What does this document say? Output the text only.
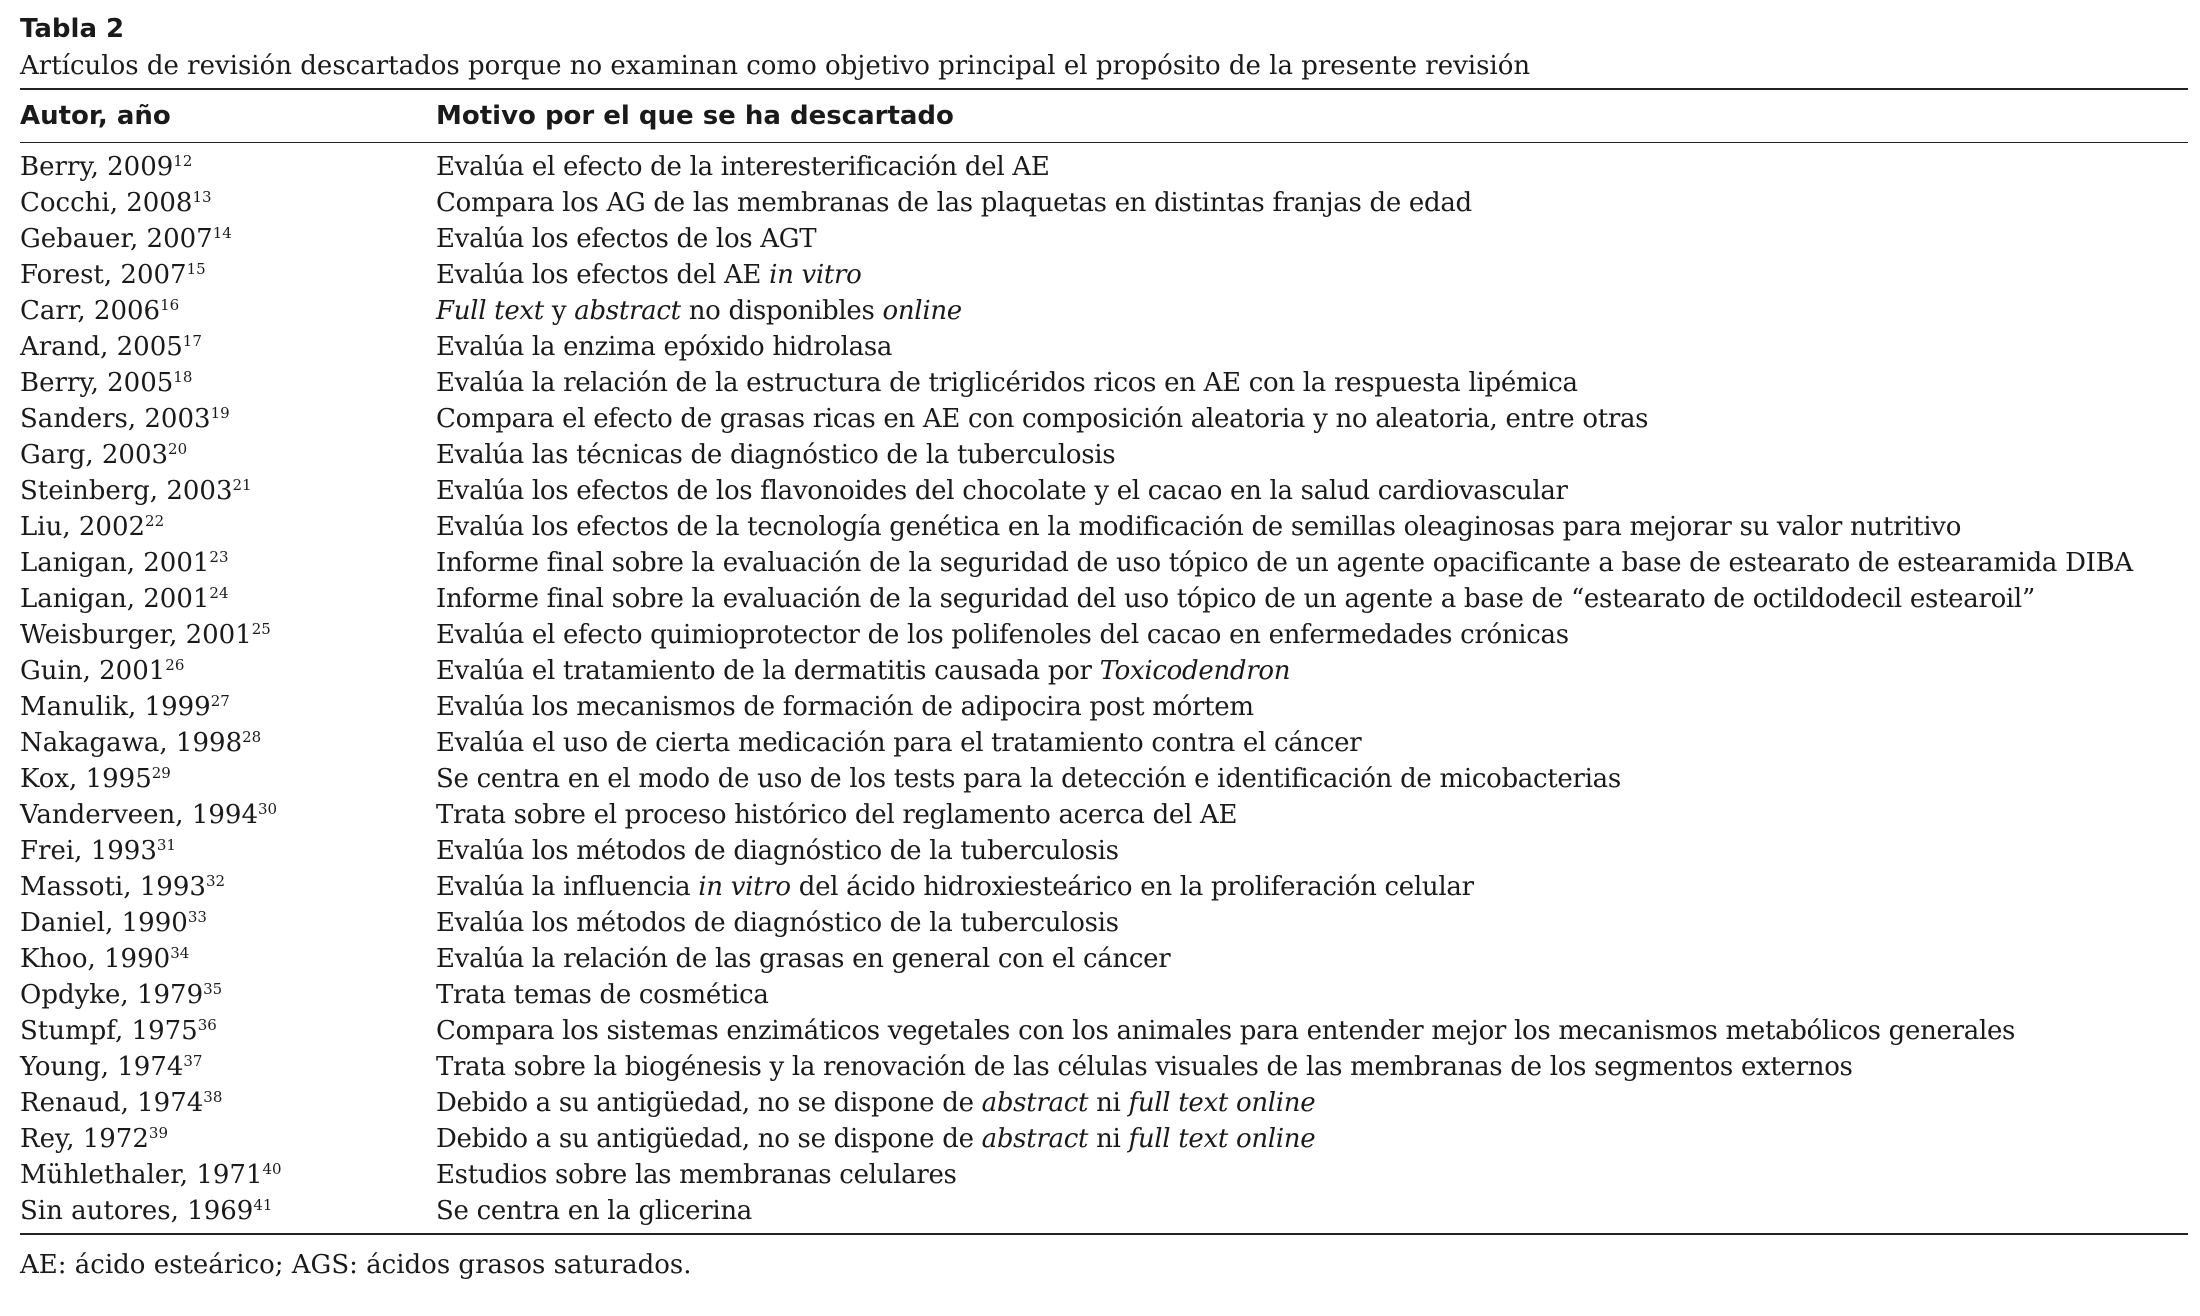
Tabla 2
Artículos de revisión descartados porque no examinan como objetivo principal el propósito de la presente revisión
Autor, año	Motivo por el que se ha descartado
Berry, 2009$^{12}$	Evalúa el efecto de la interesterificación del AE
Cocchi, 2008$^{13}$	Compara los AG de las membranas de las plaquetas en distintas franjas de edad
Gebauer, 2007$^{14}$	Evalúa los efectos de los AGT
Forest, 2007$^{15}$	Evalúa los efectos del AE in vitro
Carr, 2006$^{16}$	Full text y abstract no disponibles online
Arand, 2005$^{17}$	Evalúa la enzima epóxido hidrolasa
Berry, 2005$^{18}$	Evalúa la relación de la estructura de triglicéridos ricos en AE con la respuesta lipémica
Sanders, 2003$^{19}$	Compara el efecto de grasas ricas en AE con composición aleatoria y no aleatoria, entre otras
Garg, 2003$^{20}$	Evalúa las técnicas de diagnóstico de la tuberculosis
Steinberg, 2003$^{21}$	Evalúa los efectos de los flavonoides del chocolate y el cacao en la salud cardiovascular
Liu, 2002$^{22}$	Evalúa los efectos de la tecnología genética en la modificación de semillas oleaginosas para mejorar su valor nutritivo
Lanigan, 2001$^{23}$	Informe final sobre la evaluación de la seguridad de uso tópico de un agente opacificante a base de estearato de estearamida DIBA
Lanigan, 2001$^{24}$	Informe final sobre la evaluación de la seguridad del uso tópico de un agente a base de “estearato de octildodecil estearoil”
Weisburger, 2001$^{25}$	Evalúa el efecto quimioprotector de los polifenoles del cacao en enfermedades crónicas
Guin, 2001$^{26}$	Evalúa el tratamiento de la dermatitis causada por Toxicodendron
Manulik, 1999$^{27}$	Evalúa los mecanismos de formación de adipocira post mórtem
Nakagawa, 1998$^{28}$	Evalúa el uso de cierta medicación para el tratamiento contra el cáncer
Kox, 1995$^{29}$	Se centra en el modo de uso de los tests para la detección e identificación de micobacterias
Vanderveen, 1994$^{30}$	Trata sobre el proceso histórico del reglamento acerca del AE
Frei, 1993$^{31}$	Evalúa los métodos de diagnóstico de la tuberculosis
Massoti, 1993$^{32}$	Evalúa la influencia in vitro del ácido hidroxiesteárico en la proliferación celular
Daniel, 1990$^{33}$	Evalúa los métodos de diagnóstico de la tuberculosis
Khoo, 1990$^{34}$	Evalúa la relación de las grasas en general con el cáncer
Opdyke, 1979$^{35}$	Trata temas de cosmética
Stumpf, 1975$^{36}$	Compara los sistemas enzimáticos vegetales con los animales para entender mejor los mecanismos metabólicos generales
Young, 1974$^{37}$	Trata sobre la biogénesis y la renovación de las células visuales de las membranas de los segmentos externos
Renaud, 1974$^{38}$	Debido a su antigüedad, no se dispone de abstract ni full text online
Rey, 1972$^{39}$	Debido a su antigüedad, no se dispone de abstract ni full text online
Mühlethaler, 1971$^{40}$	Estudios sobre las membranas celulares
Sin autores, 1969$^{41}$	Se centra en la glicerina
AE: ácido esteárico; AGS: ácidos grasos saturados.
